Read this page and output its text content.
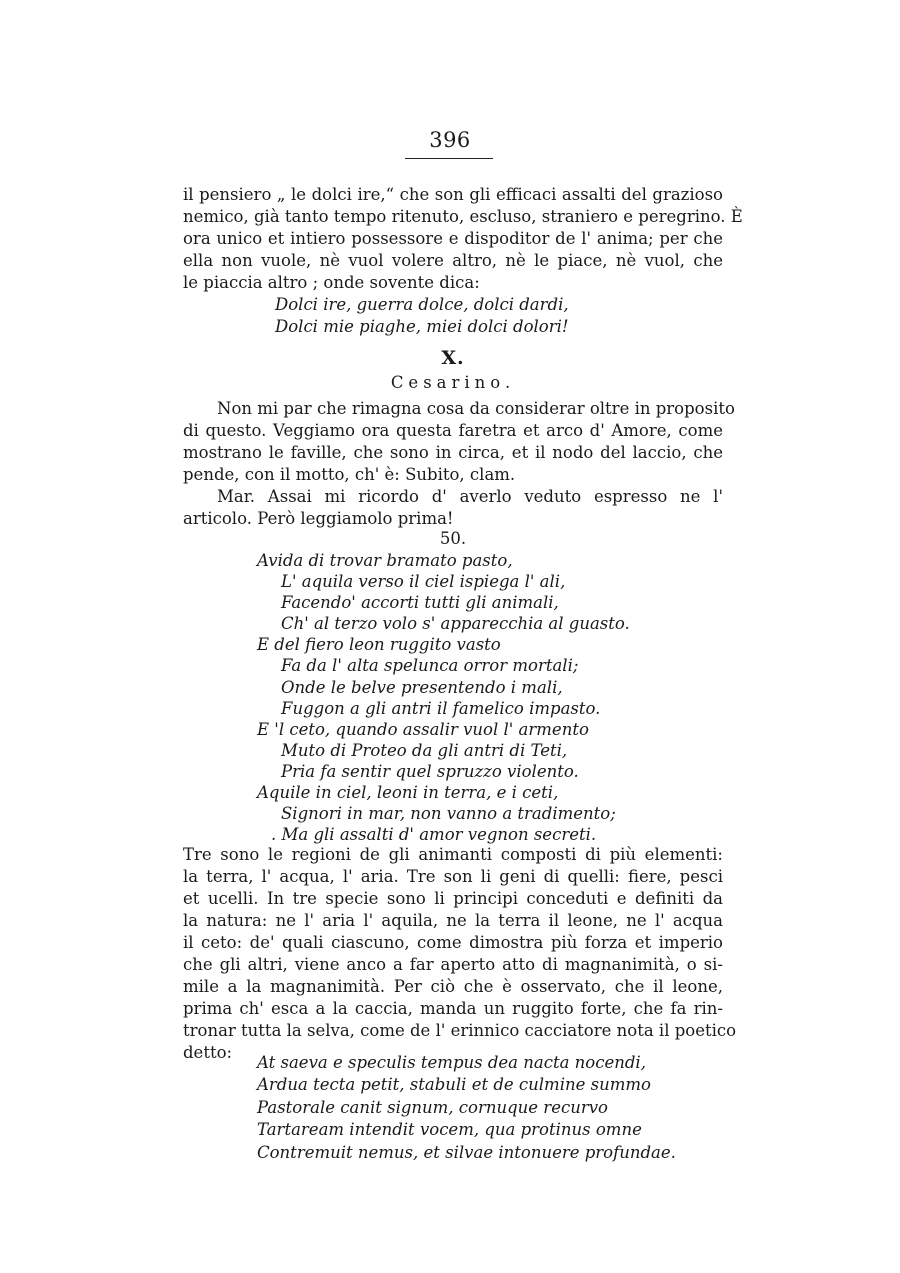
396
il pensiero „ le dolci ire,“ che son gli efficaci assalti del grazioso
nemico, già tanto tempo ritenuto, escluso, straniero e peregrino. È
ora unico et intiero possessore e dispoditor de l' anima; per che
ella non vuole, nè vuol volere altro, nè le piace, nè vuol, che
le piaccia altro ; onde sovente dica:
Dolci ire, guerra dolce, dolci dardi,
Dolci mie piaghe, miei dolci dolori!
X.
Cesarino.
Non mi par che rimagna cosa da considerar oltre in proposito
di questo. Veggiamo ora questa faretra et arco d' Amore, come
mostrano le faville, che sono in circa, et il nodo del laccio, che
pende, con il motto, ch' è: Subito, clam.
Mar. Assai mi ricordo d' averlo veduto espresso ne l'
articolo. Però leggiamolo prima!
50.
Avida di trovar bramato pasto,
L' aquila verso il ciel ispiega l' ali,
Facendo' accorti tutti gli animali,
Ch' al terzo volo s' apparecchia al guasto.
E del fiero leon ruggito vasto
Fa da l' alta spelunca orror mortali;
Onde le belve presentendo i mali,
Fuggon a gli antri il famelico impasto.
E 'l ceto, quando assalir vuol l' armento
Muto di Proteo da gli antri di Teti,
Pria fa sentir quel spruzzo violento.
Aquile in ciel, leoni in terra, e i ceti,
Signori in mar, non vanno a tradimento;
. Ma gli assalti d' amor vegnon secreti.
Tre sono le regioni de gli animanti composti di più elementi:
la terra, l' acqua, l' aria. Tre son li geni di quelli: fiere, pesci
et ucelli. In tre specie sono li principi conceduti e definiti da
la natura: ne l' aria l' aquila, ne la terra il leone, ne l' acqua
il ceto: de' quali ciascuno, come dimostra più forza et imperio
che gli altri, viene anco a far aperto atto di magnanimità, o si-
mile a la magnanimità. Per ciò che è osservato, che il leone,
prima ch' esca a la caccia, manda un ruggito forte, che fa rin-
tronar tutta la selva, come de l' erinnico cacciatore nota il poetico
detto:
At saeva e speculis tempus dea nacta nocendi,
Ardua tecta petit, stabuli et de culmine summo
Pastorale canit signum, cornuque recurvo
Tartaream intendit vocem, qua protinus omne
Contremuit nemus, et silvae intonuere profundae.
